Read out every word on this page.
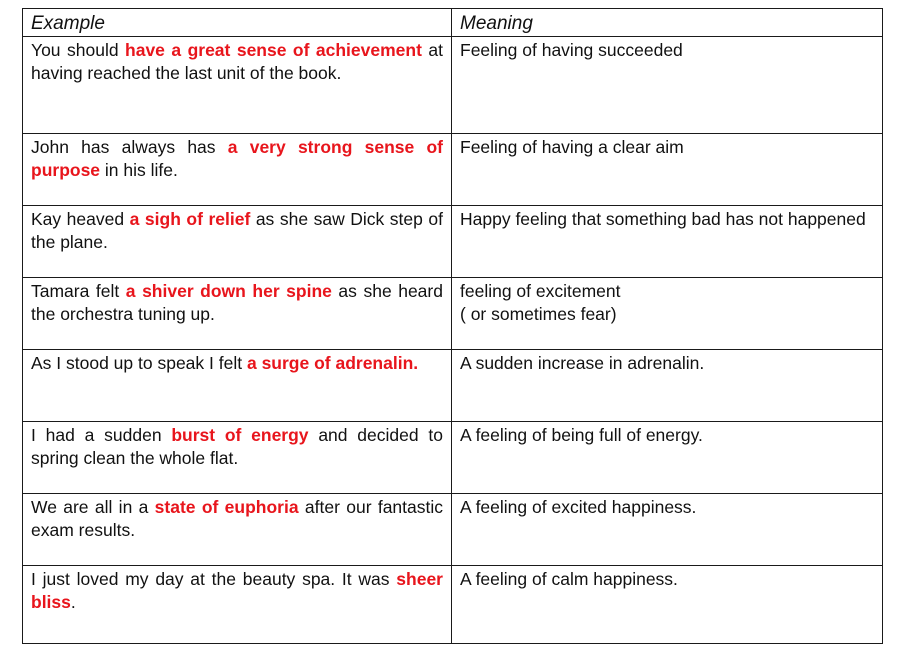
Example	Meaning
You should have a great sense of achievement at having reached the last unit of the book.	Feeling of having succeeded

John has always has a very strong sense of purpose in his life.	Feeling of having a clear aim

Kay heaved a sigh of relief as she saw Dick step of the plane.	Happy feeling that something bad has not happened

Tamara felt a shiver down her spine as she heard the orchestra tuning up.	feeling of excitement
( or sometimes fear)

As I stood up to speak I felt a surge of adrenalin.	A sudden increase in adrenalin.

I had a sudden burst of energy and decided to spring clean the whole flat.	A feeling of being full of energy.

We are all in a state of euphoria after our fantastic exam results.	A feeling of excited happiness.

I just loved my day at the beauty spa. It was sheer bliss.	A feeling of calm happiness.
